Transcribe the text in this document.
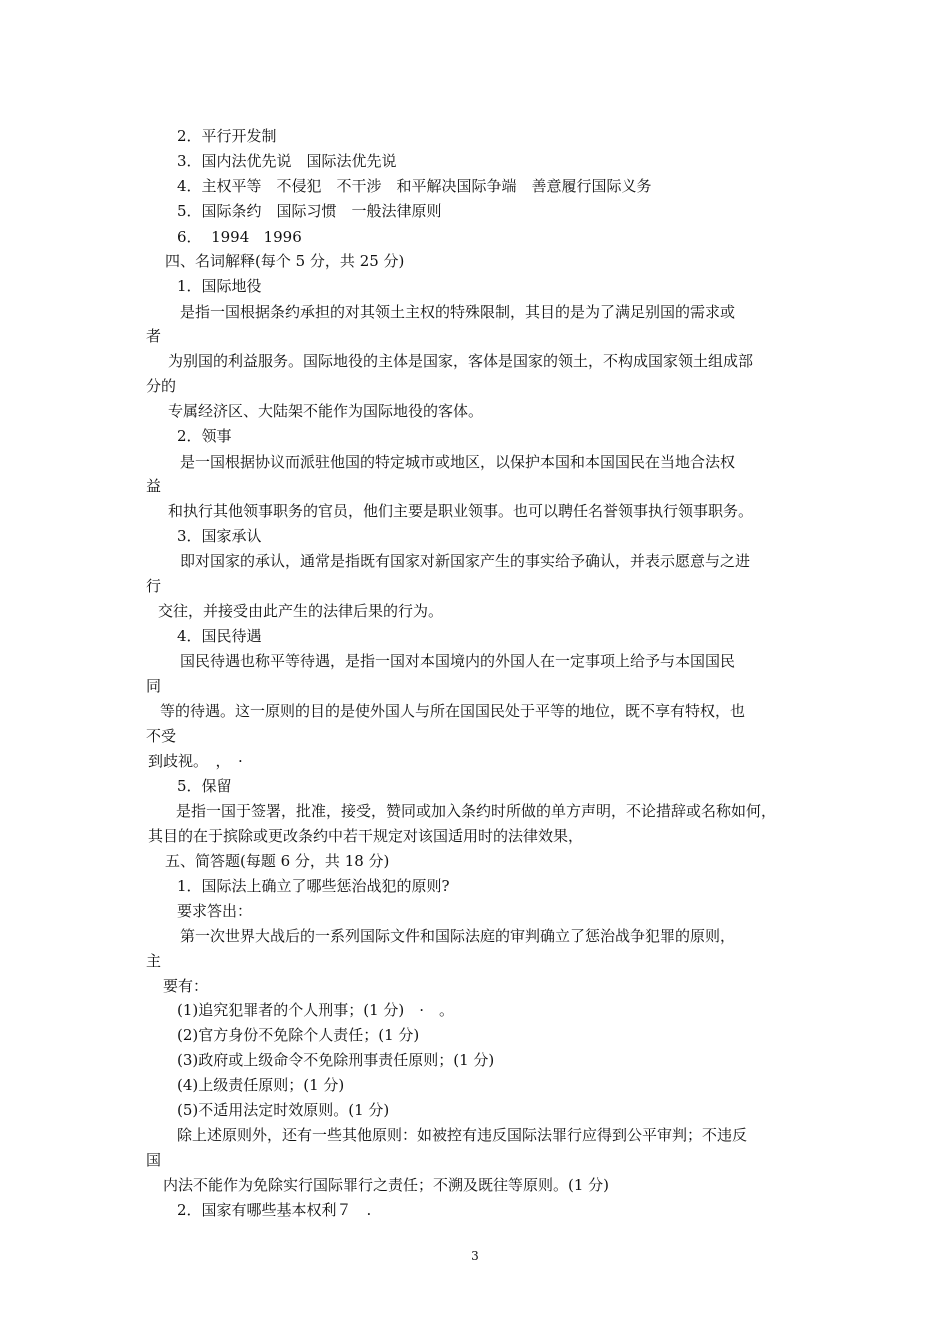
2．平行开发制
3．国内法优先说　国际法优先说
4．主权平等　不侵犯　不干涉　和平解决国际争端　善意履行国际义务
5．国际条约　国际习惯　一般法律原则
6．  1994   1996
四、名词解释(每个 5 分，共 25 分)
1．国际地役
是指一国根据条约承担的对其领土主权的特殊限制，其目的是为了满足别国的需求或
者
为别国的利益服务。国际地役的主体是国家，客体是国家的领土，不构成国家领土组成部
分的
专属经济区、大陆架不能作为国际地役的客体。
2．领事
是一国根据协议而派驻他国的特定城市或地区，以保护本国和本国国民在当地合法权
益
和执行其他领事职务的官员，他们主要是职业领事。也可以聘任名誉领事执行领事职务。
3．国家承认
即对国家的承认，通常是指既有国家对新国家产生的事实给予确认，并表示愿意与之进
行
交往，并接受由此产生的法律后果的行为。
4．国民待遇
国民待遇也称平等待遇，是指一国对本国境内的外国人在一定事项上给予与本国国民
同
等的待遇。这一原则的目的是使外国人与所在国国民处于平等的地位，既不享有特权，也
不受
到歧视。　，　·
5．保留
是指一国于签署，批准，接受，赞同或加入条约时所做的单方声明，不论措辞或名称如何，
其目的在于摈除或更改条约中若干规定对该国适用时的法律效果，
五、简答题(每题 6 分，共 18 分)
1．国际法上确立了哪些惩治战犯的原则?
要求答出：
第一次世界大战后的一系列国际文件和国际法庭的审判确立了惩治战争犯罪的原则，
主
要有：
(1)追究犯罪者的个人刑事；(1 分)　·　。
(2)官方身份不免除个人责任；(1 分)
(3)政府或上级命令不免除刑事责任原则；(1 分)
(4)上级责任原则；(1 分)
(5)不适用法定时效原则。(1 分)
除上述原则外，还有一些其他原则：如被控有违反国际法罪行应得到公平审判；不违反
国
内法不能作为免除实行国际罪行之责任；不溯及既往等原则。(1 分)
2．国家有哪些基本权利７　.
3
